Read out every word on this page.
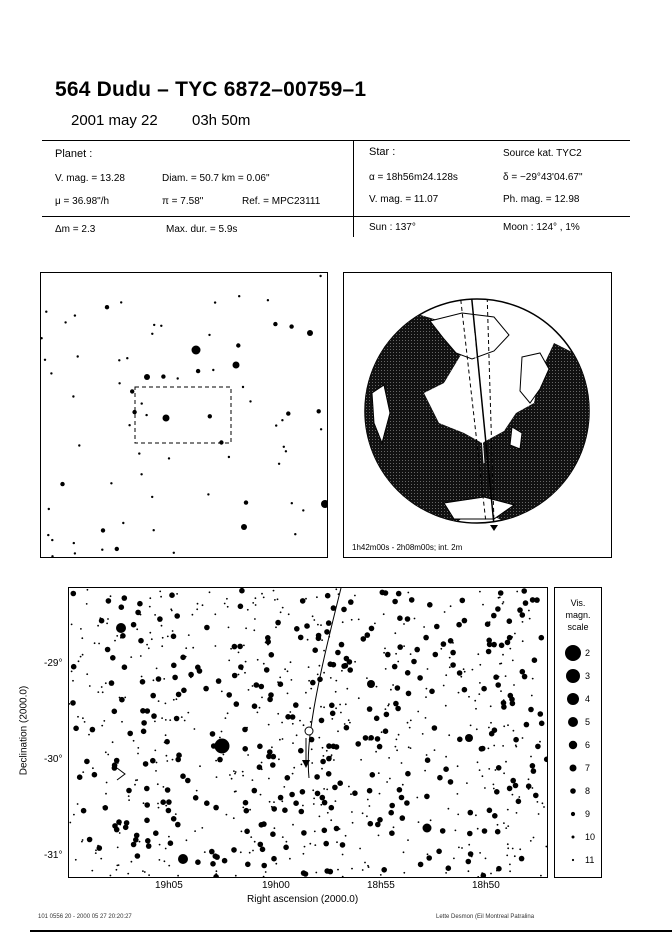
564 Dudu – TYC 6872–00759–1
2001 may 22 03h 50m
Planet :
V. mag. = 13.28	Diam. = 50.7 km = 0.06"
μ = 36.98"/h	π = 7.58"	Ref. = MPC23111
Δm = 2.3	Max. dur. = 5.9s
Star :	Source kat. TYC2
α = 18h56m24.128s	δ = −29°43'04.67"
V. mag. = 11.07	Ph. mag. = 12.98
Sun : 137°	Moon : 124° , 1%
1h42m00s - 2h08m00s; int. 2m
-29°
-30°
-31°
Declination (2000.0)
19h05	19h00	18h55	18h50
Right ascension (2000.0)
Vis.
magn.
scale
2
3
4
5
6
7
8
9
10
11
101 0556 20 - 2000 05 27 20:20:27	Lette Desmon (Eil Montreal Patralina
